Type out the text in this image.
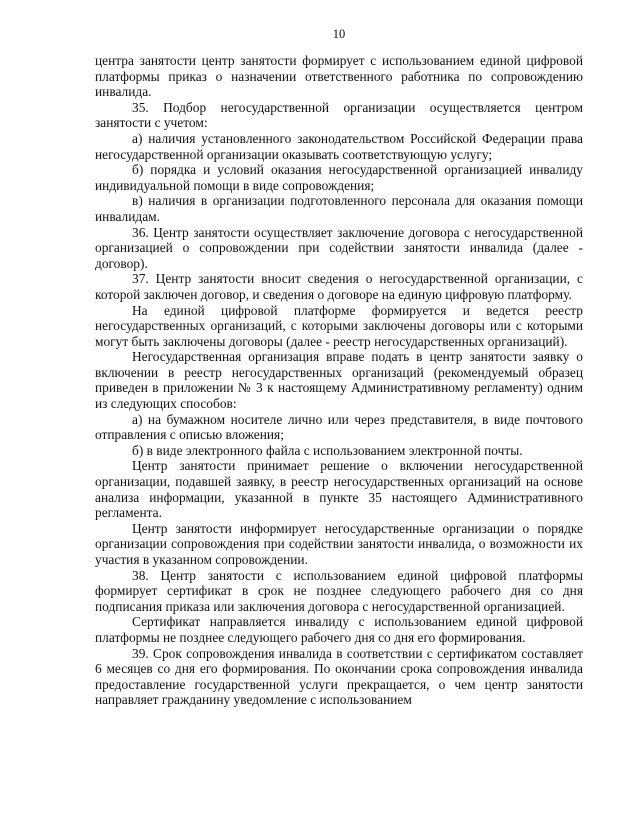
10

центра занятости центр занятости формирует с использованием единой цифровой платформы приказ о назначении ответственного работника по сопровождению инвалида.

35. Подбор негосударственной организации осуществляется центром занятости с учетом:

а) наличия установленного законодательством Российской Федерации права негосударственной организации оказывать соответствующую услугу;

б) порядка и условий оказания негосударственной организацией инвалиду индивидуальной помощи в виде сопровождения;

в) наличия в организации подготовленного персонала для оказания помощи инвалидам.

36. Центр занятости осуществляет заключение договора с негосударственной организацией о сопровождении при содействии занятости инвалида (далее - договор).

37. Центр занятости вносит сведения о негосударственной организации, с которой заключен договор, и сведения о договоре на единую цифровую платформу.

На единой цифровой платформе формируется и ведется реестр негосударственных организаций, с которыми заключены договоры или с которыми могут быть заключены договоры (далее - реестр негосударственных организаций).

Негосударственная организация вправе подать в центр занятости заявку о включении в реестр негосударственных организаций (рекомендуемый образец приведен в приложении № 3 к настоящему Административному регламенту) одним из следующих способов:

а) на бумажном носителе лично или через представителя, в виде почтового отправления с описью вложения;

б) в виде электронного файла с использованием электронной почты.

Центр занятости принимает решение о включении негосударственной организации, подавшей заявку, в реестр негосударственных организаций на основе анализа информации, указанной в пункте 35 настоящего Административного регламента.

Центр занятости информирует негосударственные организации о порядке организации сопровождения при содействии занятости инвалида, о возможности их участия в указанном сопровождении.

38. Центр занятости с использованием единой цифровой платформы формирует сертификат в срок не позднее следующего рабочего дня со дня подписания приказа или заключения договора с негосударственной организацией.

Сертификат направляется инвалиду с использованием единой цифровой платформы не позднее следующего рабочего дня со дня его формирования.

39. Срок сопровождения инвалида в соответствии с сертификатом составляет 6 месяцев со дня его формирования. По окончании срока сопровождения инвалида предоставление государственной услуги прекращается, о чем центр занятости направляет гражданину уведомление с использованием
